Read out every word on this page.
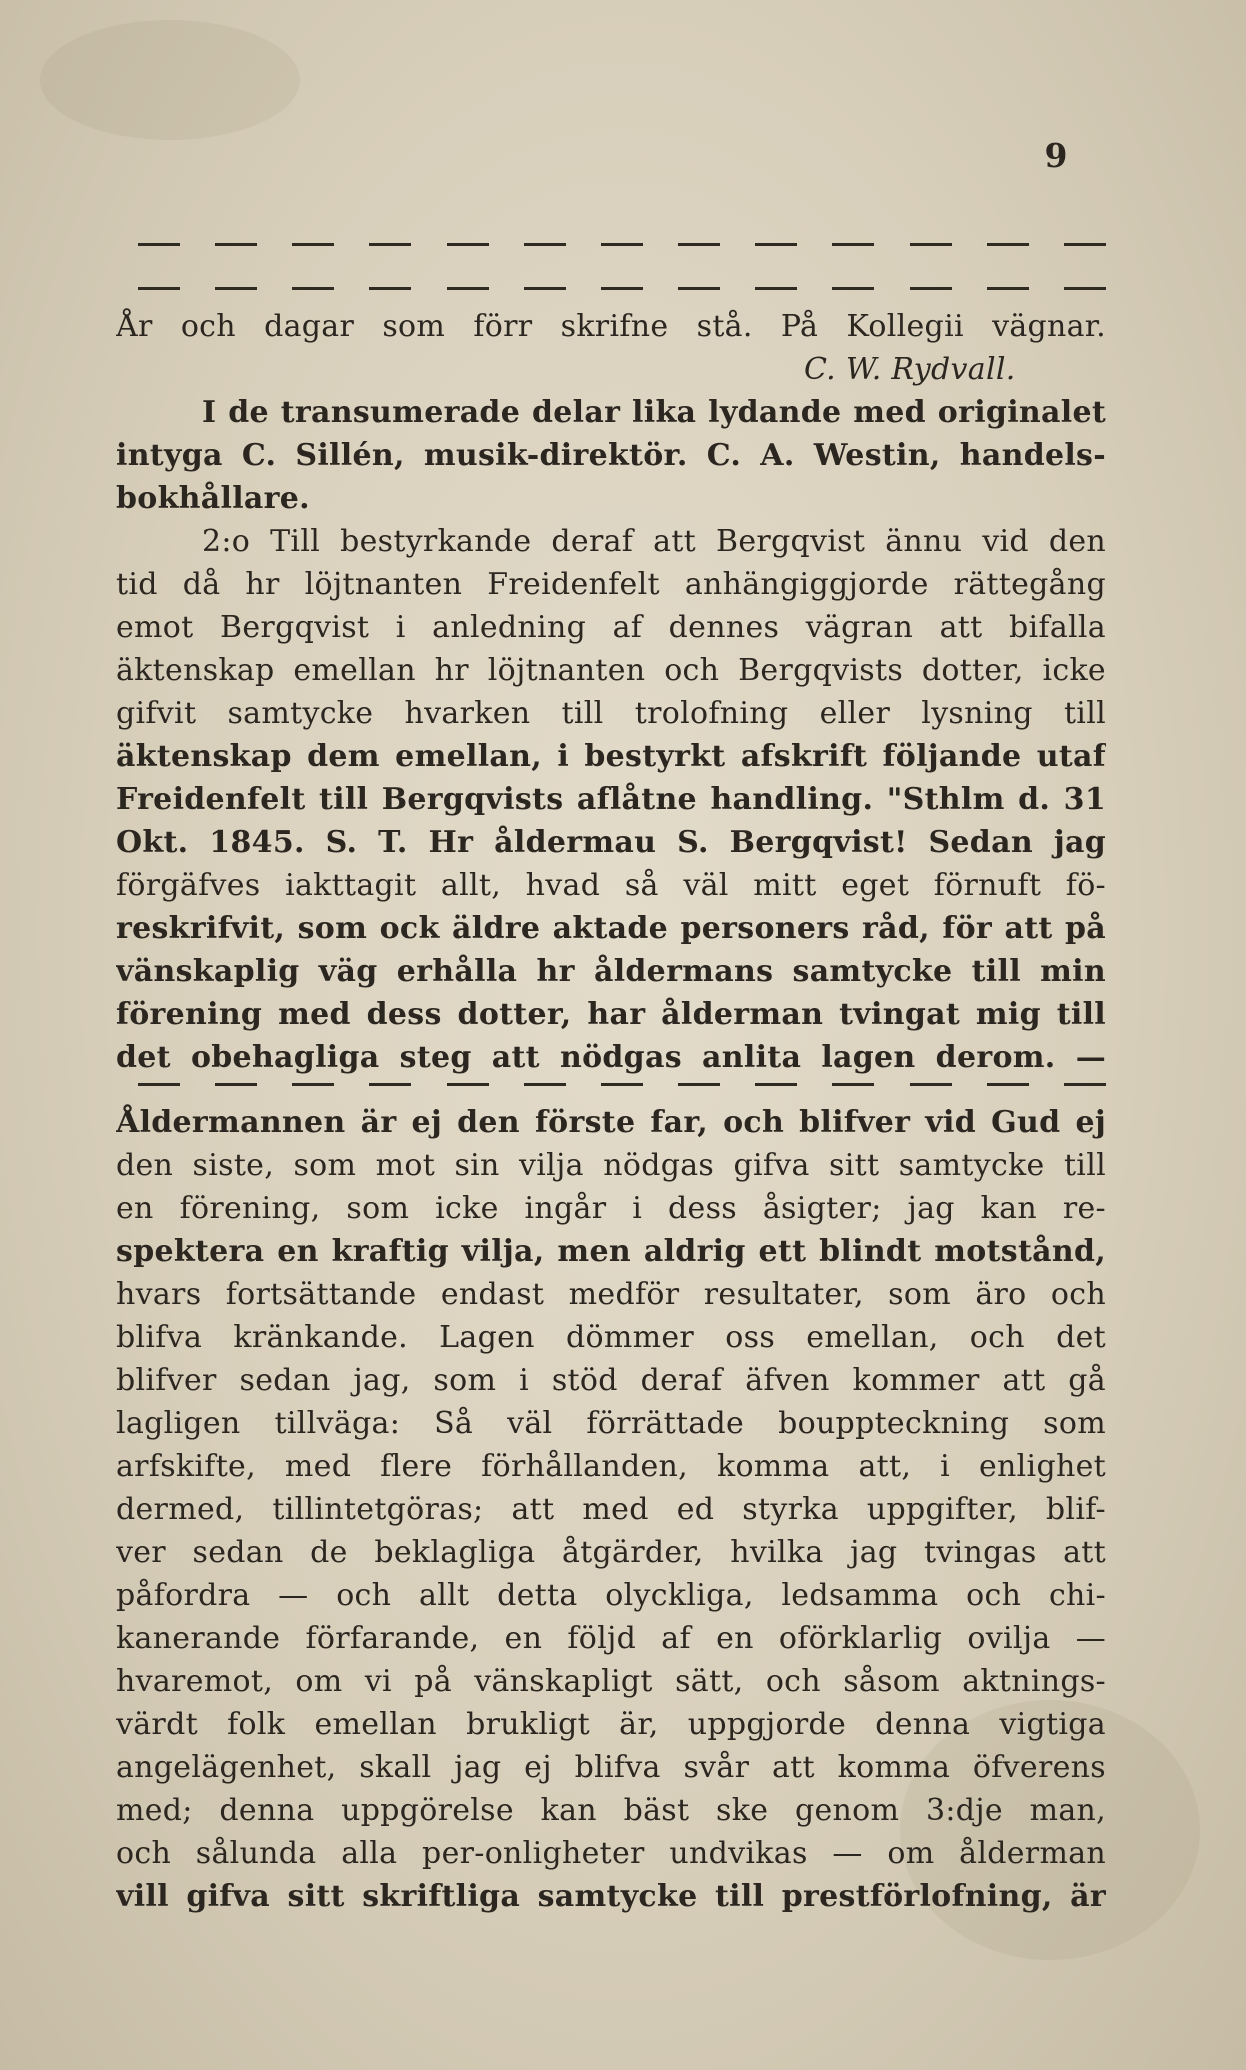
9
År och dagar som förr skrifne stå. På Kollegii vägnar.
C. W. Rydvall.
I de transumerade delar lika lydande med originalet
intyga C. Sillén, musik-direktör. C. A. Westin, handels-
bokhållare.
2:o Till bestyrkande deraf att Bergqvist ännu vid den
tid då hr löjtnanten Freidenfelt anhängiggjorde rättegång
emot Bergqvist i anledning af dennes vägran att bifalla
äktenskap emellan hr löjtnanten och Bergqvists dotter, icke
gifvit samtycke hvarken till trolofning eller lysning till
äktenskap dem emellan, i bestyrkt afskrift följande utaf
Freidenfelt till Bergqvists aflåtne handling. "Sthlm d. 31
Okt. 1845. S. T. Hr åldermau S. Bergqvist! Sedan jag
förgäfves iakttagit allt, hvad så väl mitt eget förnuft fö-
reskrifvit, som ock äldre aktade personers råd, för att på
vänskaplig väg erhålla hr åldermans samtycke till min
förening med dess dotter, har ålderman tvingat mig till
det obehagliga steg att nödgas anlita lagen derom. —
Åldermannen är ej den förste far, och blifver vid Gud ej
den siste, som mot sin vilja nödgas gifva sitt samtycke till
en förening, som icke ingår i dess åsigter; jag kan re-
spektera en kraftig vilja, men aldrig ett blindt motstånd,
hvars fortsättande endast medför resultater, som äro och
blifva kränkande. Lagen dömmer oss emellan, och det
blifver sedan jag, som i stöd deraf äfven kommer att gå
lagligen tillväga: Så väl förrättade bouppteckning som
arfskifte, med flere förhållanden, komma att, i enlighet
dermed, tillintetgöras; att med ed styrka uppgifter, blif-
ver sedan de beklagliga åtgärder, hvilka jag tvingas att
påfordra — och allt detta olyckliga, ledsamma och chi-
kanerande förfarande, en följd af en oförklarlig ovilja —
hvaremot, om vi på vänskapligt sätt, och såsom aktnings-
värdt folk emellan brukligt är, uppgjorde denna vigtiga
angelägenhet, skall jag ej blifva svår att komma öfverens
med; denna uppgörelse kan bäst ske genom 3:dje man,
och sålunda alla per-onligheter undvikas — om ålderman
vill gifva sitt skriftliga samtycke till prestförlofning, är
